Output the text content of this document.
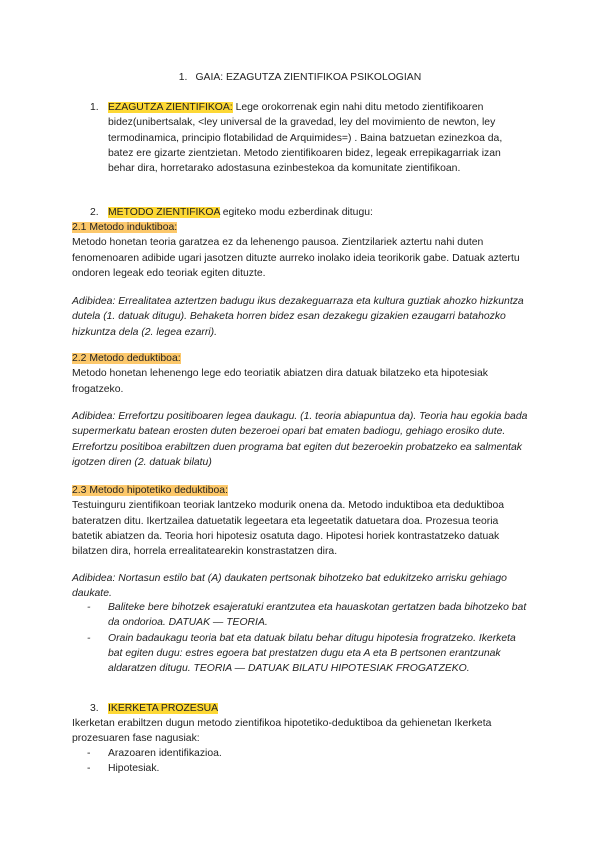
1. GAIA: EZAGUTZA ZIENTIFIKOA PSIKOLOGIAN
1. EZAGUTZA ZIENTIFIKOA: Lege orokorrenak egin nahi ditu metodo zientifikoaren bidez(unibertsalak, <ley universal de la gravedad, ley del movimiento de newton, ley termodinamica, principio flotabilidad de Arquimides=) . Baina batzuetan ezinezkoa da, batez ere gizarte zientzietan. Metodo zientifikoaren bidez, legeak errepikagarriak izan behar dira, horretarako adostasuna ezinbestekoa da komunitate zientifikoan.

2. METODO ZIENTIFIKOA egiteko modu ezberdinak ditugu:

2.1 Metodo induktiboa:

Metodo honetan teoria garatzea ez da lehenengo pausoa. Zientzilariek aztertu nahi duten fenomenoaren adibide ugari jasotzen dituzte aurreko inolako ideia teorikorik gabe. Datuak aztertu ondoren legeak edo teoriak egiten dituzte.

Adibidea: Errealitatea aztertzen badugu ikus dezakeguarraza eta kultura guztiak ahozko hizkuntza dutela (1. datuak ditugu). Behaketa horren bidez esan dezakegu gizakien ezaugarri batahozko hizkuntza dela (2. legea ezarri).

2.2 Metodo deduktiboa:

Metodo honetan lehenengo lege edo teoriatik abiatzen dira datuak bilatzeko eta hipotesiak frogatzeko.

Adibidea: Errefortzu positiboaren legea daukagu. (1. teoria abiapuntua da). Teoria hau egokia bada supermerkatu batean erosten duten bezeroei opari bat ematen badiogu, gehiago erosiko dute. Errefortzu positiboa erabiltzen duen programa bat egiten dut bezeroekin probatzeko ea salmentak igotzen diren (2. datuak bilatu)

2.3 Metodo hipotetiko deduktiboa:

Testuinguru zientifikoan teoriak lantzeko modurik onena da. Metodo induktiboa eta deduktiboa bateratzen ditu. Ikertzailea datuetatik legeetara eta legeetatik datuetara doa. Prozesua teoria batetik abiatzen da. Teoria hori hipotesiz osatuta dago. Hipotesi horiek kontrastatzeko datuak bilatzen dira, horrela errealitatearekin konstrastatzen dira.

Adibidea: Nortasun estilo bat (A) daukaten pertsonak bihotzeko bat edukitzeko arrisku gehiago daukate.
- Baliteke bere bihotzek esajeratuki erantzutea eta hauaskotan gertatzen bada bihotzeko bat da ondorioa. DATUAK — TEORIA.
- Orain badaukagu teoria bat eta datuak bilatu behar ditugu hipotesia frogratzeko. Ikerketa bat egiten dugu: estres egoera bat prestatzen dugu eta A eta B pertsonen erantzunak aldaratzen ditugu. TEORIA — DATUAK BILATU HIPOTESIAK FROGATZEKO.
3. IKERKETA PROZESUA

Ikerketan erabiltzen dugun metodo zientifikoa hipotetiko-deduktiboa da gehienetan Ikerketa prozesuaren fase nagusiak:
- Arazoaren identifikazioa.
- Hipotesiak.
